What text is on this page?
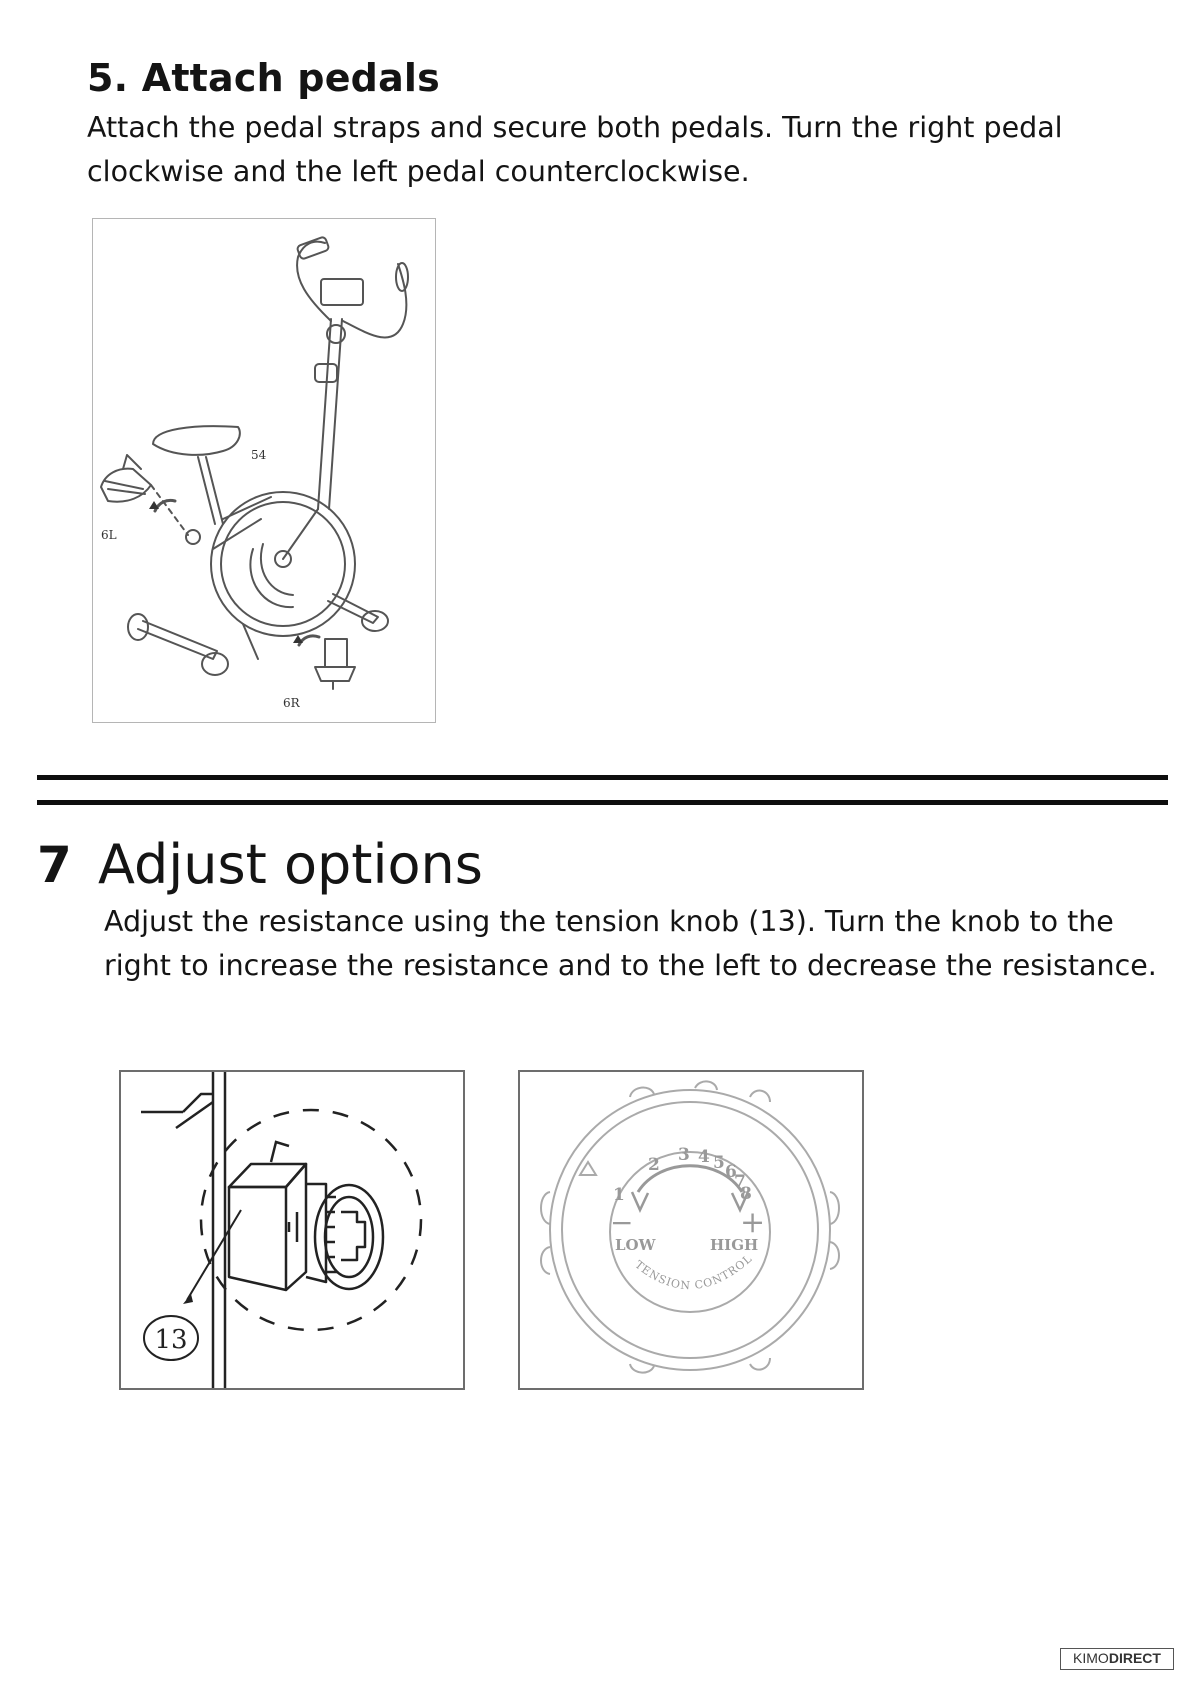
5. Attach pedals

Attach the pedal straps and secure both pedals. Turn the right pedal clockwise and the left pedal counterclockwise.

54
6L
6R
7 Adjust options

Adjust the resistance using the tension knob (13). Turn the knob to the right to increase the resistance and to the left to decrease the resistance.

13
−	+
LOW	HIGH
1
2 3 4 5 6
7
8
TENSION CONTROL
KIMODIRECT
